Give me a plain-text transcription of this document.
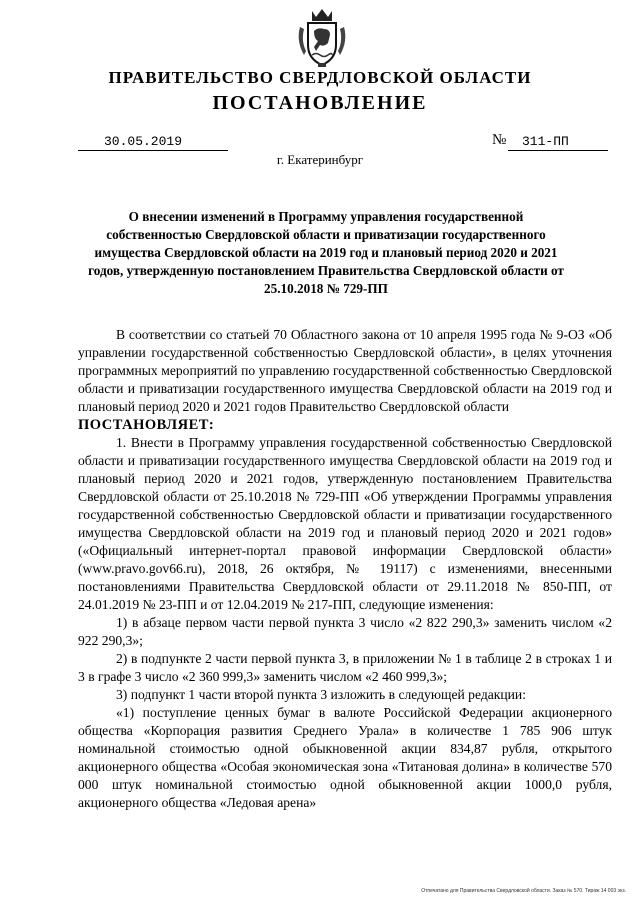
ПРАВИТЕЛЬСТВО СВЕРДЛОВСКОЙ ОБЛАСТИ
ПОСТАНОВЛЕНИЕ
30.05.2019	№	311-ПП
г. Екатеринбург
О внесении изменений в Программу управления государственной собственностью Свердловской области и приватизации государственного имущества Свердловской области на 2019 год и плановый период 2020 и 2021 годов, утвержденную постановлением Правительства Свердловской области от 25.10.2018 № 729-ПП

В соответствии со статьей 70 Областного закона от 10 апреля 1995 года № 9-ОЗ «Об управлении государственной собственностью Свердловской области», в целях уточнения программных мероприятий по управлению государственной собственностью Свердловской области и приватизации государственного имущества Свердловской области на 2019 год и плановый период 2020 и 2021 годов Правительство Свердловской области

ПОСТАНОВЛЯЕТ:

1. Внести в Программу управления государственной собственностью Свердловской области и приватизации государственного имущества Свердловской области на 2019 год и плановый период 2020 и 2021 годов, утвержденную постановлением Правительства Свердловской области от 25.10.2018 № 729-ПП «Об утверждении Программы управления государственной собственностью Свердловской области и приватизации государственного имущества Свердловской области на 2019 год и плановый период 2020 и 2021 годов» («Официальный интернет-портал правовой информации Свердловской области» (www.pravo.gov66.ru), 2018, 26 октября, № 19117) с изменениями, внесенными постановлениями Правительства Свердловской области от 29.11.2018 № 850-ПП, от 24.01.2019 № 23-ПП и от 12.04.2019 № 217-ПП, следующие изменения:

1) в абзаце первом части первой пункта 3 число «2 822 290,3» заменить числом «2 922 290,3»;

2) в подпункте 2 части первой пункта 3, в приложении № 1 в таблице 2 в строках 1 и 3 в графе 3 число «2 360 999,3» заменить числом «2 460 999,3»;

3) подпункт 1 части второй пункта 3 изложить в следующей редакции:

«1) поступление ценных бумаг в валюте Российской Федерации акционерного общества «Корпорация развития Среднего Урала» в количестве 1 785 906 штук номинальной стоимостью одной обыкновенной акции 834,87 рубля, открытого акционерного общества «Особая экономическая зона «Титановая долина» в количестве 570 000 штук номинальной стоимостью одной обыкновенной акции 1000,0 рубля, акционерного общества «Ледовая арена»

Отпечатано для Правительства Свердловской области. Заказ № 570. Тираж 14 003 экз.
